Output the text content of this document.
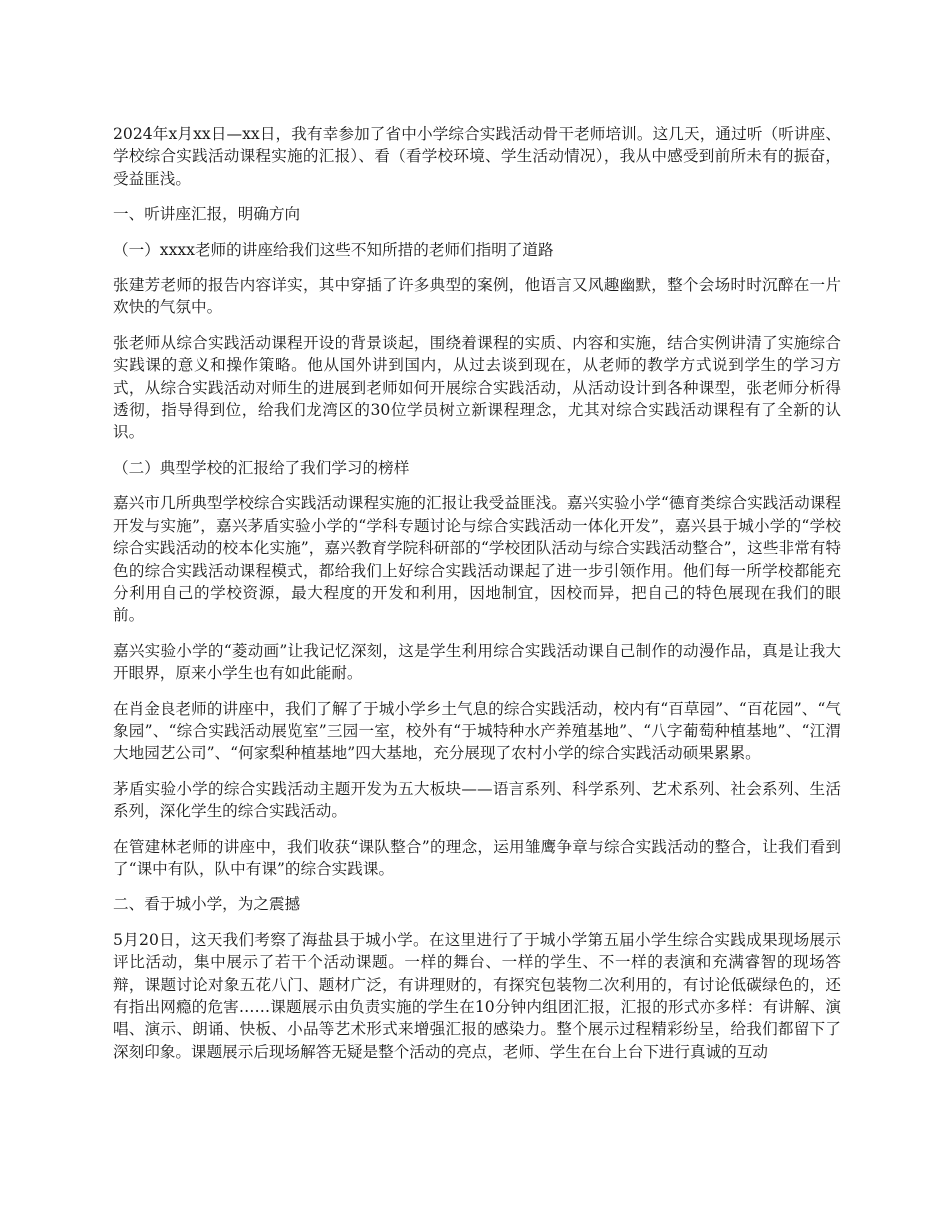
2024年x月xx日—xx日，我有幸参加了省中小学综合实践活动骨干老师培训。这几天，通过听（听讲座、学校综合实践活动课程实施的汇报）、看（看学校环境、学生活动情况），我从中感受到前所未有的振奋，受益匪浅。

一、听讲座汇报，明确方向

（一）xxxx老师的讲座给我们这些不知所措的老师们指明了道路

张建芳老师的报告内容详实，其中穿插了许多典型的案例，他语言又风趣幽默，整个会场时时沉醉在一片欢快的气氛中。

张老师从综合实践活动课程开设的背景谈起，围绕着课程的实质、内容和实施，结合实例讲清了实施综合实践课的意义和操作策略。他从国外讲到国内，从过去谈到现在，从老师的教学方式说到学生的学习方式，从综合实践活动对师生的进展到老师如何开展综合实践活动，从活动设计到各种课型，张老师分析得透彻，指导得到位，给我们龙湾区的30位学员树立新课程理念，尤其对综合实践活动课程有了全新的认识。

（二）典型学校的汇报给了我们学习的榜样

嘉兴市几所典型学校综合实践活动课程实施的汇报让我受益匪浅。嘉兴实验小学“德育类综合实践活动课程开发与实施”，嘉兴茅盾实验小学的“学科专题讨论与综合实践活动一体化开发”，嘉兴县于城小学的“学校综合实践活动的校本化实施”，嘉兴教育学院科研部的“学校团队活动与综合实践活动整合”，这些非常有特色的综合实践活动课程模式，都给我们上好综合实践活动课起了进一步引领作用。他们每一所学校都能充分利用自己的学校资源，最大程度的开发和利用，因地制宜，因校而异，把自己的特色展现在我们的眼前。

嘉兴实验小学的“菱动画”让我记忆深刻，这是学生利用综合实践活动课自己制作的动漫作品，真是让我大开眼界，原来小学生也有如此能耐。

在肖金良老师的讲座中，我们了解了于城小学乡土气息的综合实践活动，校内有“百草园”、“百花园”、“气象园”、“综合实践活动展览室”三园一室，校外有“于城特种水产养殖基地”、“八字葡萄种植基地”、“江渭大地园艺公司”、“何家梨种植基地”四大基地，充分展现了农村小学的综合实践活动硕果累累。

茅盾实验小学的综合实践活动主题开发为五大板块——语言系列、科学系列、艺术系列、社会系列、生活系列，深化学生的综合实践活动。

在管建林老师的讲座中，我们收获“课队整合”的理念，运用雏鹰争章与综合实践活动的整合，让我们看到了“课中有队，队中有课”的综合实践课。

二、看于城小学，为之震撼

5月20日，这天我们考察了海盐县于城小学。在这里进行了于城小学第五届小学生综合实践成果现场展示评比活动，集中展示了若干个活动课题。一样的舞台、一样的学生、不一样的表演和充满睿智的现场答辩，课题讨论对象五花八门、题材广泛，有讲理财的，有探究包装物二次利用的，有讨论低碳绿色的，还有指出网瘾的危害……课题展示由负责实施的学生在10分钟内组团汇报，汇报的形式亦多样：有讲解、演唱、演示、朗诵、快板、小品等艺术形式来增强汇报的感染力。整个展示过程精彩纷呈，给我们都留下了深刻印象。课题展示后现场解答无疑是整个活动的亮点，老师、学生在台上台下进行真诚的互动
